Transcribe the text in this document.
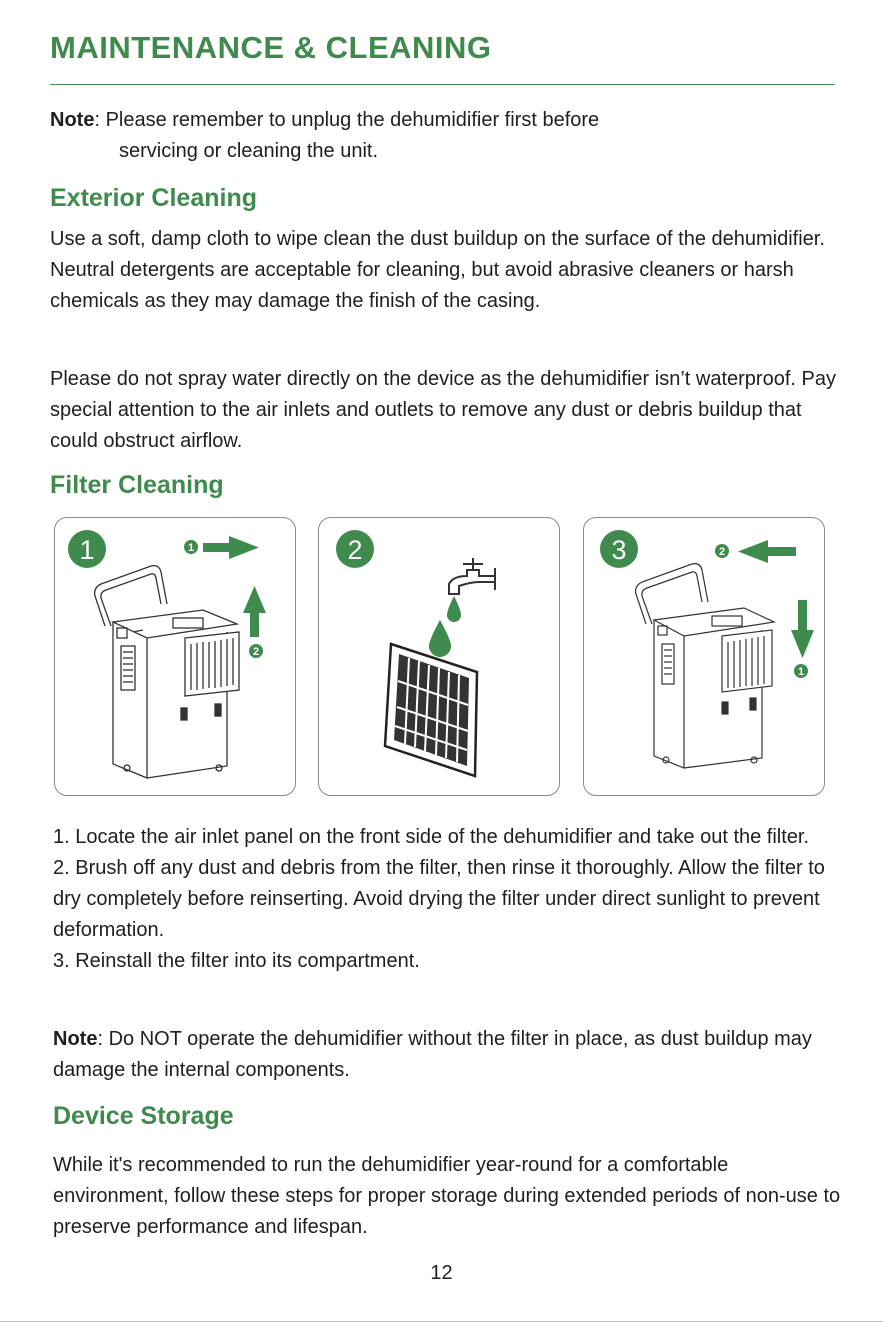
MAINTENANCE & CLEANING
Note: Please remember to unplug the dehumidifier first before
servicing or cleaning the unit.
Exterior Cleaning

Use a soft, damp cloth to wipe clean the dust buildup on the surface of the dehumidifier. Neutral detergents are acceptable for cleaning, but avoid abrasive cleaners or harsh chemicals as they may damage the finish of the casing.

Please do not spray water directly on the device as the dehumidifier isn’t waterproof. Pay special attention to the air inlets and outlets to remove any dust or debris buildup that could obstruct airflow.

Filter Cleaning
1	1
2
2	3	2
1
1. Locate the air inlet panel on the front side of the dehumidifier and take out the filter.
2. Brush off any dust and debris from the filter, then rinse it thoroughly. Allow the filter to dry completely before reinserting. Avoid drying the filter under direct sunlight to prevent deformation.
3. Reinstall the filter into its compartment.

Note: Do NOT operate the dehumidifier without the filter in place, as dust buildup may damage the internal components.

Device Storage

While it's recommended to run the dehumidifier year-round for a comfortable environment, follow these steps for proper storage during extended periods of non-use to preserve performance and lifespan.

12
